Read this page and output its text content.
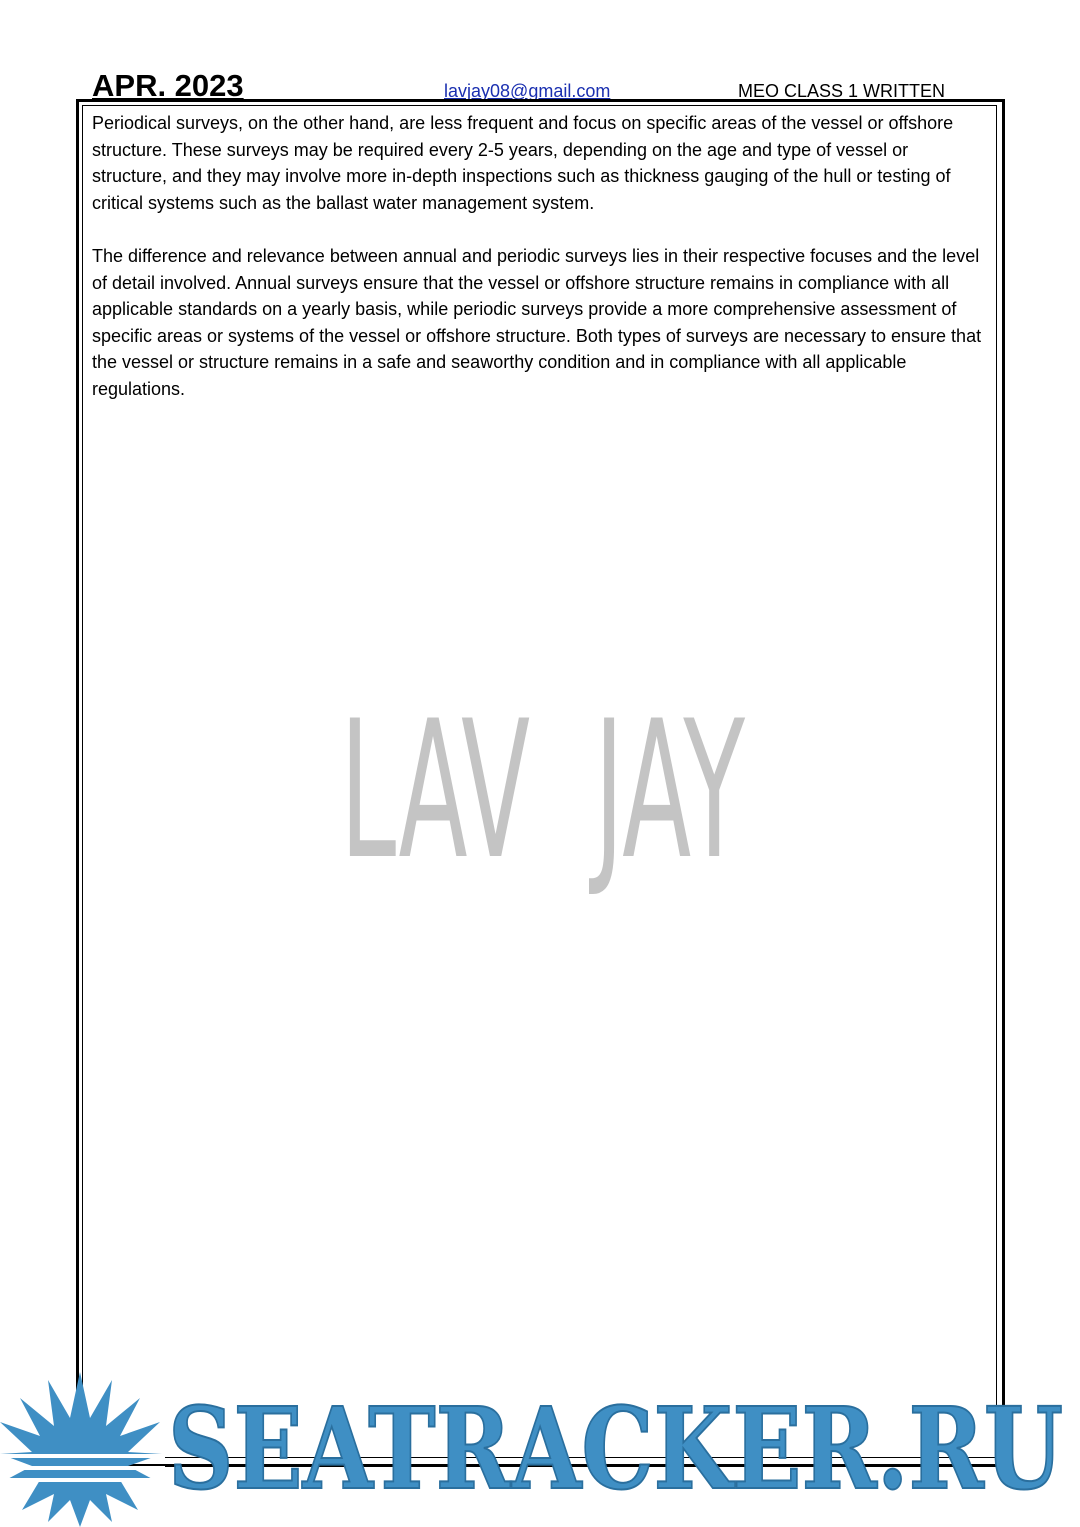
APR. 2023	lavjay08@gmail.com	MEO CLASS 1 WRITTEN

Periodical surveys, on the other hand, are less frequent and focus on specific areas of the vessel or offshore structure. These surveys may be required every 2-5 years, depending on the age and type of vessel or structure, and they may involve more in-depth inspections such as thickness gauging of the hull or testing of critical systems such as the ballast water management system.

The difference and relevance between annual and periodic surveys lies in their respective focuses and the level of detail involved. Annual surveys ensure that the vessel or offshore structure remains in compliance with all applicable standards on a yearly basis, while periodic surveys provide a more comprehensive assessment of specific areas or systems of the vessel or offshore structure. Both types of surveys are necessary to ensure that the vessel or structure remains in a safe and seaworthy condition and in compliance with all applicable regulations.

LAV  JAY
SEATRACKER.RU
